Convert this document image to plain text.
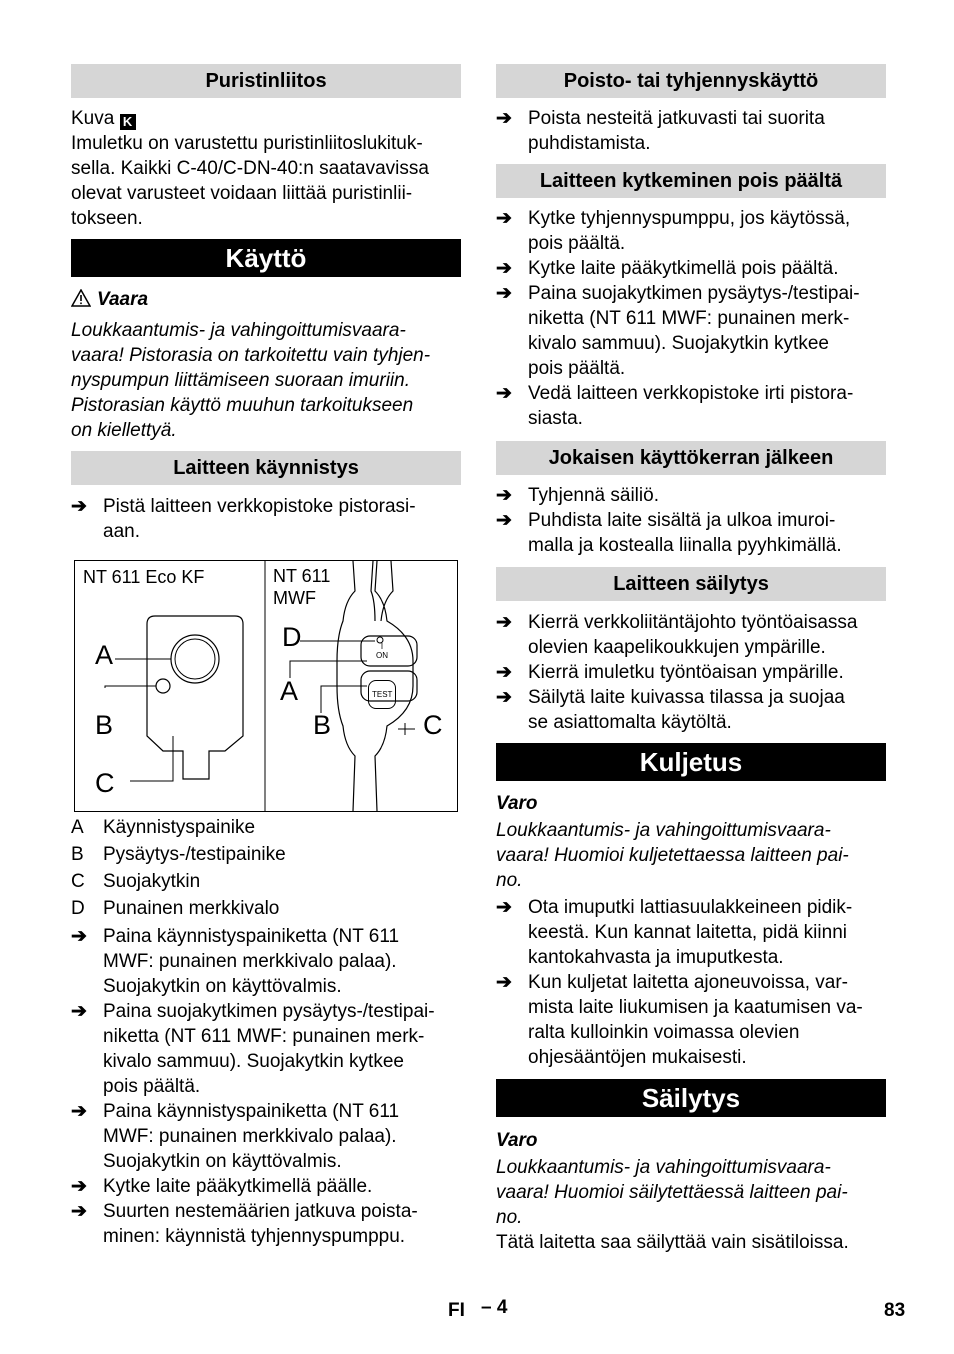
Puristinliitos

Kuva K

Imuletku on varustettu puristinliitoslukituk-
sella. Kaikki C-40/C-DN-40:n saatavavissa
olevat varusteet voidaan liittää puristinlii-
tokseen.

Käyttö

Vaara

Loukkaantumis- ja vahingoittumisvaara-
vaara! Pistorasia on tarkoitettu vain tyhjen-
nyspumpun liittämiseen suoraan imuriin.
Pistorasian käyttö muuhun tarkoitukseen
on kiellettyä.

Laitteen käynnistys
➔ Pistä laitteen verkkopistoke pistorasi-
aan.
NT 611 Eco KF	NT 611
MWF
A
B
C
D
A
B	C
I
ON
TEST
A Käynnistyspainike
B Pysäytys-/testipainike
C Suojakytkin
D Punainen merkkivalo
➔ Paina käynnistyspainiketta (NT 611
MWF: punainen merkkivalo palaa).
Suojakytkin on käyttövalmis.
➔ Paina suojakytkimen pysäytys-/testipai-
niketta (NT 611 MWF: punainen merk-
kivalo sammuu). Suojakytkin kytkee
pois päältä.
➔ Paina käynnistyspainiketta (NT 611
MWF: punainen merkkivalo palaa).
Suojakytkin on käyttövalmis.
➔ Kytke laite pääkytkimellä päälle.
➔ Suurten nestemäärien jatkuva poista-
minen: käynnistä tyhjennyspumppu.
Poisto- tai tyhjennyskäyttö
➔ Poista nesteitä jatkuvasti tai suorita
puhdistamista.
Laitteen kytkeminen pois päältä
➔ Kytke tyhjennyspumppu, jos käytössä,
pois päältä.
➔ Kytke laite pääkytkimellä pois päältä.
➔ Paina suojakytkimen pysäytys-/testipai-
niketta (NT 611 MWF: punainen merk-
kivalo sammuu). Suojakytkin kytkee
pois päältä.
➔ Vedä laitteen verkkopistoke irti pistora-
siasta.
Jokaisen käyttökerran jälkeen
➔ Tyhjennä säiliö.
➔ Puhdista laite sisältä ja ulkoa imuroi-
malla ja kostealla liinalla pyyhkimällä.
Laitteen säilytys
➔ Kierrä verkkoliitäntäjohto työntöaisassa
olevien kaapelikoukkujen ympärille.
➔ Kierrä imuletku työntöaisan ympärille.
➔ Säilytä laite kuivassa tilassa ja suojaa
se asiattomalta käytöltä.
Kuljetus

Varo

Loukkaantumis- ja vahingoittumisvaara-
vaara! Huomioi kuljetettaessa laitteen pai-
no.

➔ Ota imuputki lattiasuulakkeineen pidik-
keestä. Kun kannat laitetta, pidä kiinni
kantokahvasta ja imuputkesta.
➔ Kun kuljetat laitetta ajoneuvoissa, var-
mista laite liukumisen ja kaatumisen va-
ralta kulloinkin voimassa olevien
ohjesääntöjen mukaisesti.
Säilytys

Varo

Loukkaantumis- ja vahingoittumisvaara-
vaara! Huomioi säilytettäessä laitteen pai-
no.

Tätä laitetta saa säilyttää vain sisätiloissa.

FI – 4	83
